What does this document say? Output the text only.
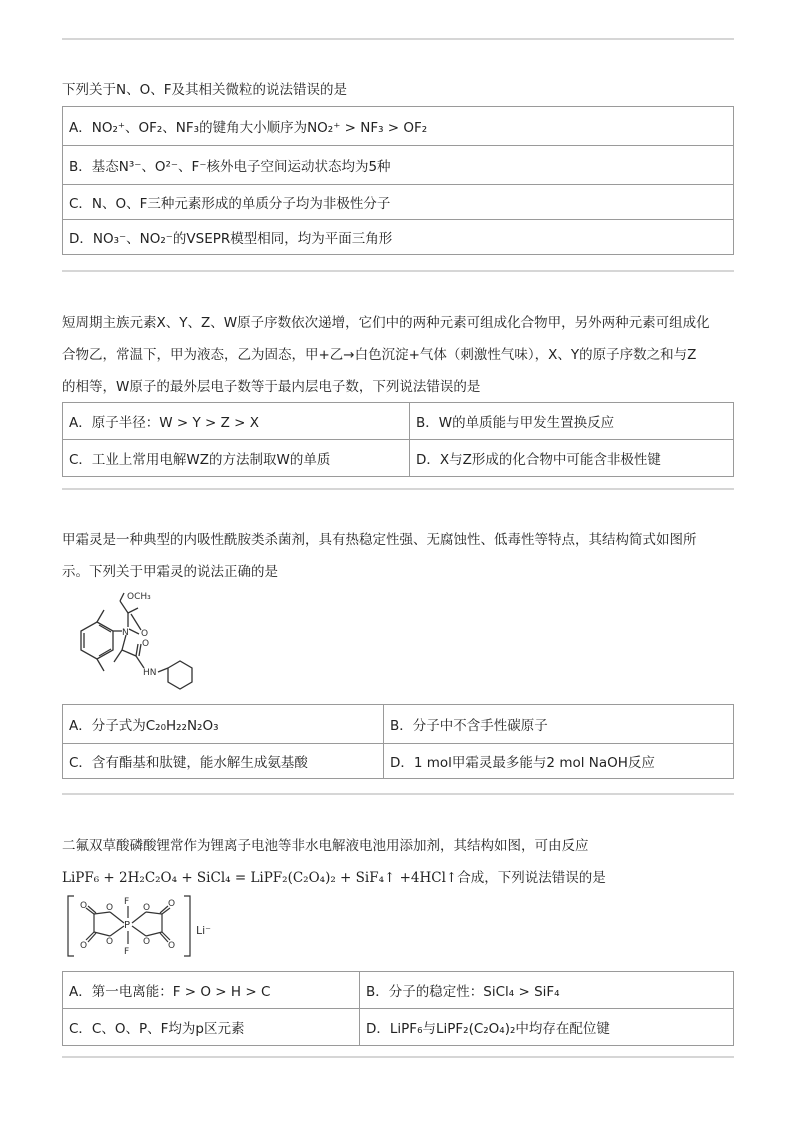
下列关于N、O、F及其相关微粒的说法错误的是
A．NO₂⁺、OF₂、NF₃的键角大小顺序为NO₂⁺ > NF₃ > OF₂
B．基态N³⁻、O²⁻、F⁻核外电子空间运动状态均为5种
C．N、O、F三种元素形成的单质分子均为非极性分子
D．NO₃⁻、NO₂⁻的VSEPR模型相同，均为平面三角形
短周期主族元素X、Y、Z、W原子序数依次递增，它们中的两种元素可组成化合物甲，另外两种元素可组成化
合物乙，常温下，甲为液态，乙为固态，甲+乙→白色沉淀+气体（刺激性气味），X、Y的原子序数之和与Z
的相等，W原子的最外层电子数等于最内层电子数，下列说法错误的是
A．原子半径：W > Y > Z > X	B．W的单质能与甲发生置换反应
C．工业上常用电解WZ的方法制取W的单质	D．X与Z形成的化合物中可能含非极性键
甲霜灵是一种典型的内吸性酰胺类杀菌剂，具有热稳定性强、无腐蚀性、低毒性等特点，其结构简式如图所
示。下列关于甲霜灵的说法正确的是
OCH₃
O
N
O
HN
A．分子式为C₂₀H₂₂N₂O₃	B．分子中不含手性碳原子
C．含有酯基和肽键，能水解生成氨基酸	D．1 mol甲霜灵最多能与2 mol NaOH反应
二氟双草酸磷酸锂常作为锂离子电池等非水电解液电池用添加剂，其结构如图，可由反应
LiPF₆ + 2H₂C₂O₄ + SiCl₄ = LiPF₂(C₂O₄)₂ + SiF₄↑ +4HCl↑合成，下列说法错误的是
O O
F
O O
P
O O
F
O O
Li⁻
A．第一电离能：F > O > H > C	B．分子的稳定性：SiCl₄ > SiF₄
C．C、O、P、F均为p区元素	D．LiPF₆与LiPF₂(C₂O₄)₂中均存在配位键
